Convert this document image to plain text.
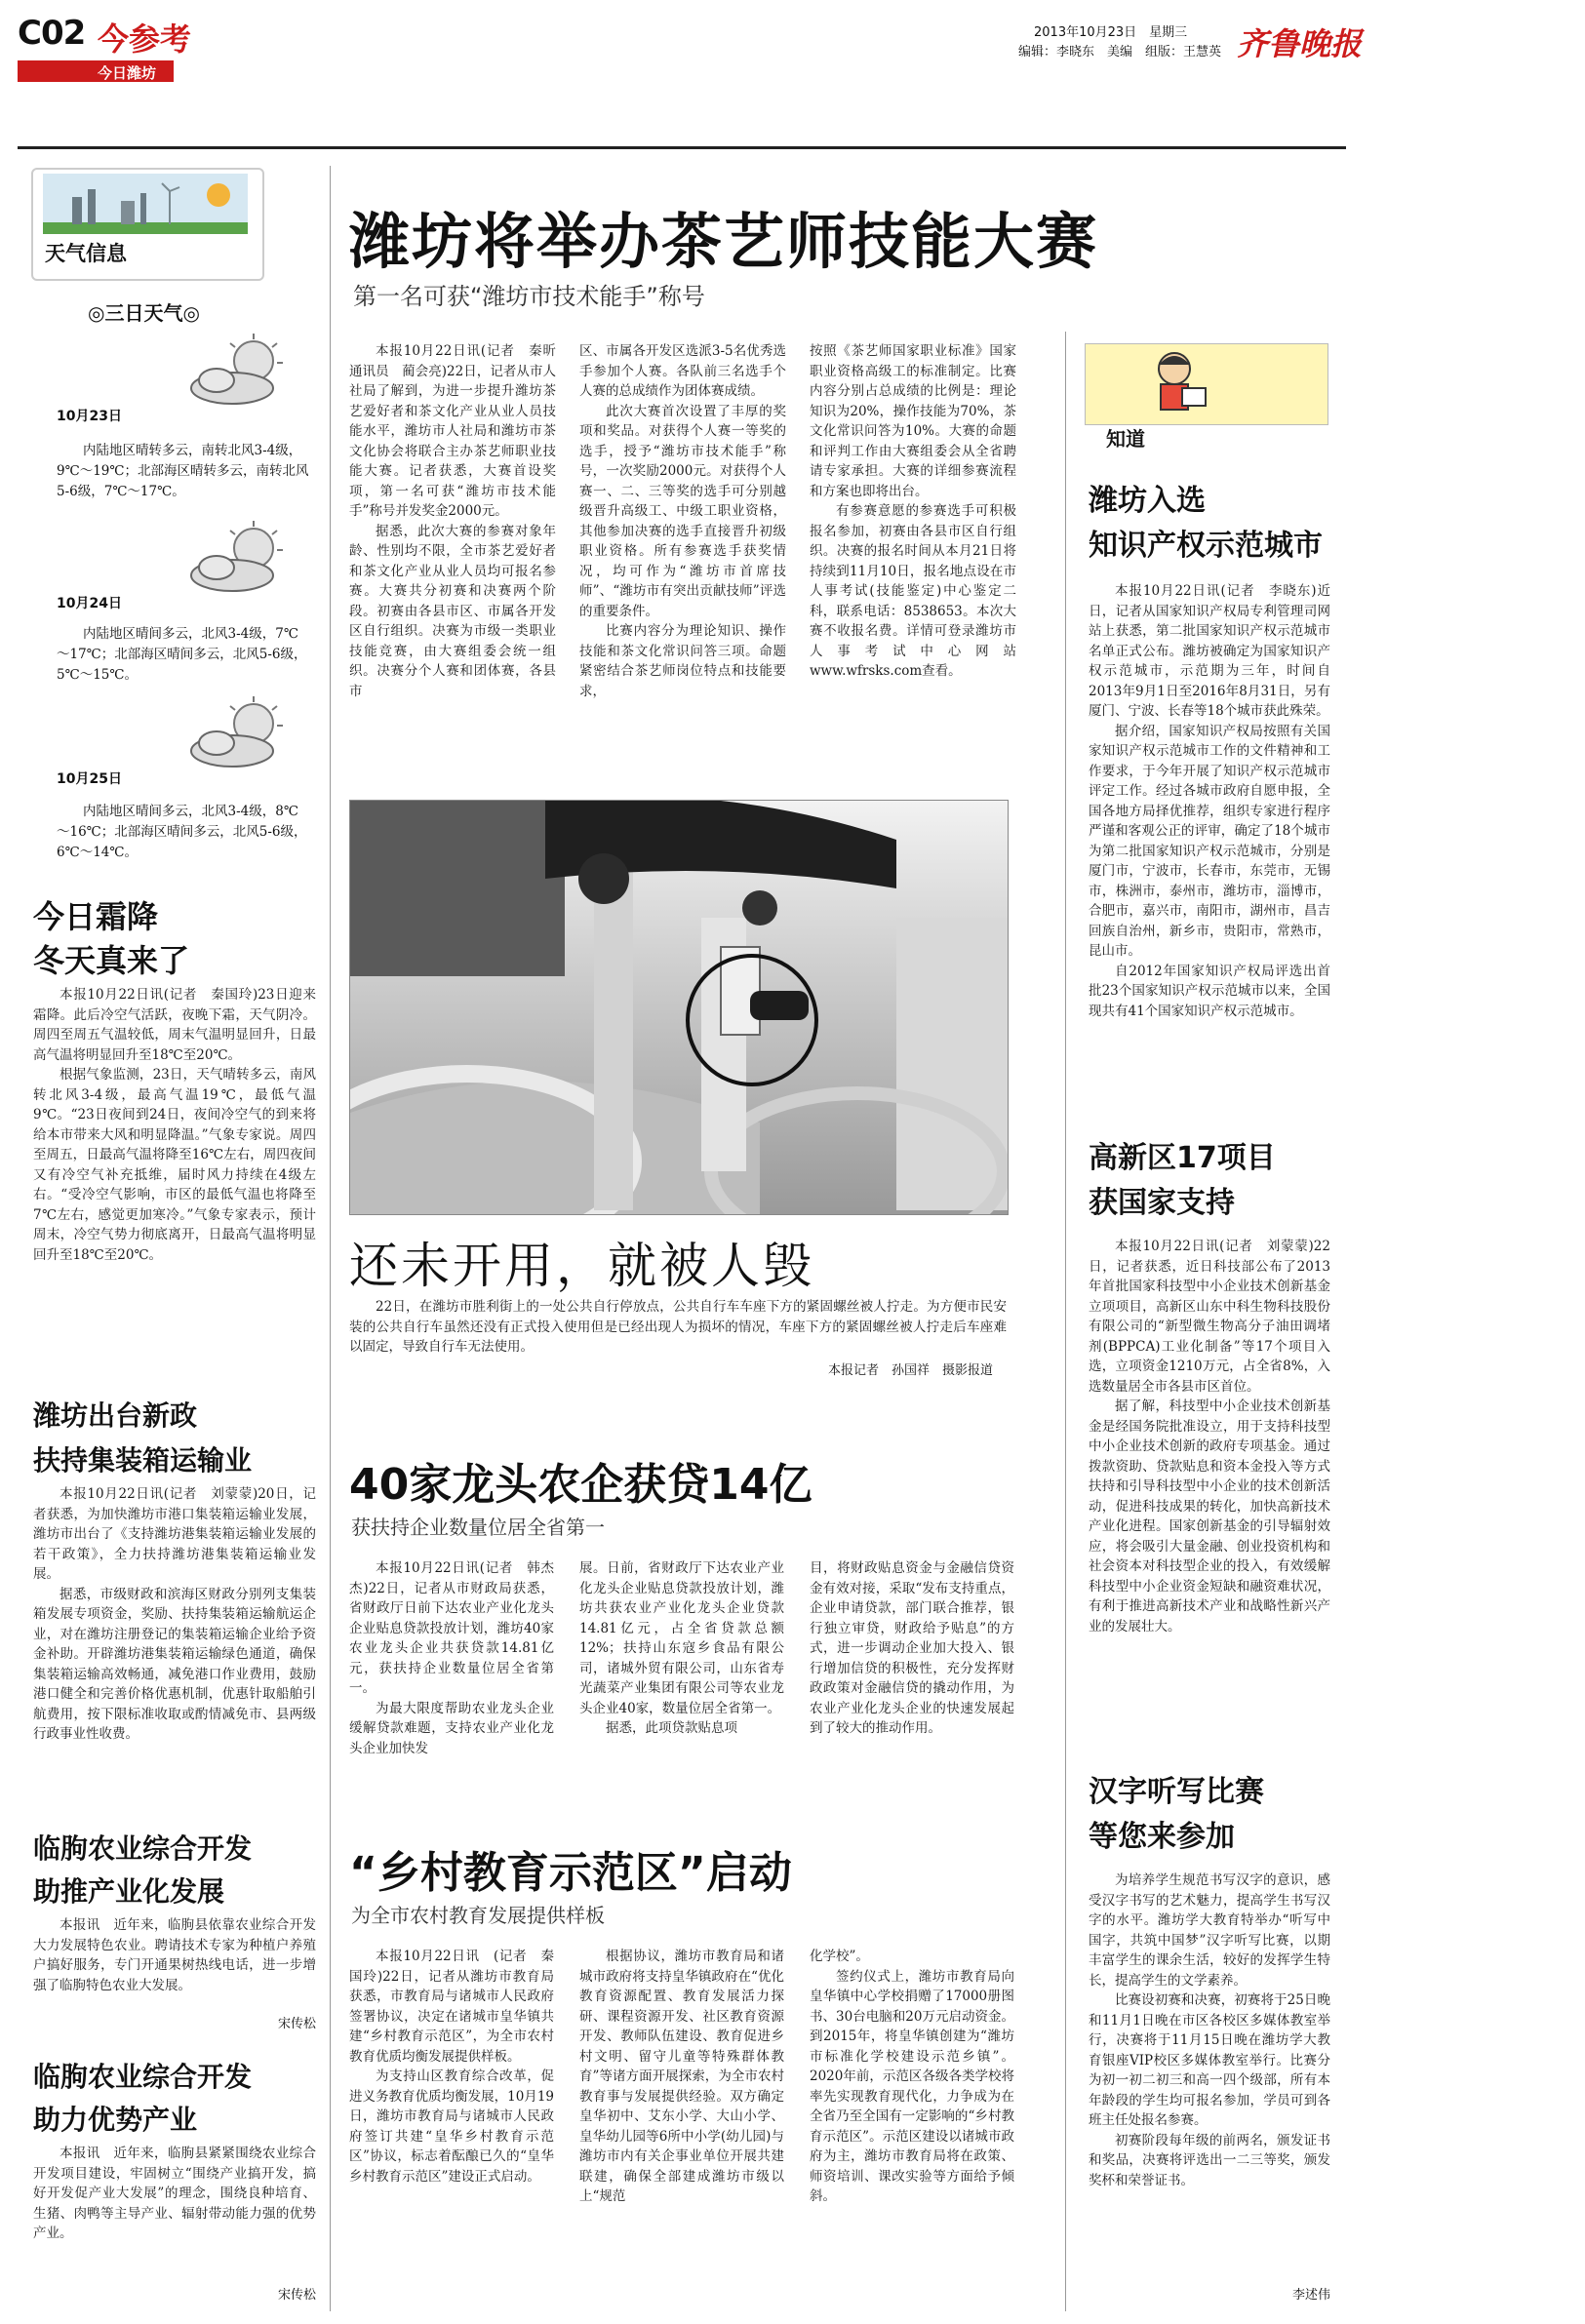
C02 今参考
今日潍坊
2013年10月23日　星期三
编辑：李晓东　美编　组版：王慧英 齐鲁晚报
天气信息
◎三日天气◎
10月23日
内陆地区晴转多云，南转北风3-4级，9℃～19℃；北部海区晴转多云，南转北风5-6级，7℃～17℃。
10月24日
内陆地区晴间多云，北风3-4级，7℃～17℃；北部海区晴间多云，北风5-6级，5℃～15℃。
10月25日
内陆地区晴间多云，北风3-4级，8℃～16℃；北部海区晴间多云，北风5-6级，6℃～14℃。
今日霜降
冬天真来了

本报10月22日讯(记者　秦国玲)23日迎来霜降。此后冷空气活跃，夜晚下霜，天气阴冷。周四至周五气温较低，周末气温明显回升，日最高气温将明显回升至18℃至20℃。

根据气象监测，23日，天气晴转多云，南风转北风3-4级，最高气温19℃，最低气温9℃。“23日夜间到24日，夜间冷空气的到来将给本市带来大风和明显降温。”气象专家说。周四至周五，日最高气温将降至16℃左右，周四夜间又有冷空气补充抵维，届时风力持续在4级左右。“受冷空气影响，市区的最低气温也将降至7℃左右，感觉更加寒冷。”气象专家表示，预计周末，冷空气势力彻底离开，日最高气温将明显回升至18℃至20℃。

潍坊出台新政
扶持集装箱运输业

本报10月22日讯(记者　刘蒙蒙)20日，记者获悉，为加快潍坊市港口集装箱运输业发展，潍坊市出台了《支持潍坊港集装箱运输业发展的若干政策》，全力扶持潍坊港集装箱运输业发展。

据悉，市级财政和滨海区财政分别列支集装箱发展专项资金，奖励、扶持集装箱运输航运企业，对在潍坊注册登记的集装箱运输企业给予资金补助。开辟潍坊港集装箱运输绿色通道，确保集装箱运输高效畅通，减免港口作业费用，鼓励港口健全和完善价格优惠机制，优惠针取船舶引航费用，按下限标准收取或酌情减免市、县两级行政事业性收费。

临朐农业综合开发
助推产业化发展

本报讯　近年来，临朐县依靠农业综合开发大力发展特色农业。聘请技术专家为种植户养殖户搞好服务，专门开通果树热线电话，进一步增强了临朐特色农业大发展。

宋传松
临朐农业综合开发
助力优势产业

本报讯　近年来，临朐县紧紧围绕农业综合开发项目建设，牢固树立“围绕产业搞开发，搞好开发促产业大发展”的理念，围绕良种培育、生猪、肉鸭等主导产业、辐射带动能力强的优势产业。

宋传松
潍坊将举办茶艺师技能大赛
第一名可获“潍坊市技术能手”称号

本报10月22日讯(记者　秦昕　通讯员　蔺会亮)22日，记者从市人社局了解到，为进一步提升潍坊茶艺爱好者和茶文化产业从业人员技能水平，潍坊市人社局和潍坊市茶文化协会将联合主办茶艺师职业技能大赛。记者获悉，大赛首设奖项，第一名可获“潍坊市技术能手”称号并发奖金2000元。

据悉，此次大赛的参赛对象年龄、性别均不限，全市茶艺爱好者和茶文化产业从业人员均可报名参赛。大赛共分初赛和决赛两个阶段。初赛由各县市区、市属各开发区自行组织。决赛为市级一类职业技能竞赛，由大赛组委会统一组织。决赛分个人赛和团体赛，各县市

区、市属各开发区选派3-5名优秀选手参加个人赛。各队前三名选手个人赛的总成绩作为团体赛成绩。

此次大赛首次设置了丰厚的奖项和奖品。对获得个人赛一等奖的选手，授予“潍坊市技术能手”称号，一次奖励2000元。对获得个人赛一、二、三等奖的选手可分别越级晋升高级工、中级工职业资格，其他参加决赛的选手直接晋升初级职业资格。所有参赛选手获奖情况，均可作为“潍坊市首席技师”、“潍坊市有突出贡献技师”评选的重要条件。

比赛内容分为理论知识、操作技能和茶文化常识问答三项。命题紧密结合茶艺师岗位特点和技能要求，

按照《茶艺师国家职业标准》国家职业资格高级工的标准制定。比赛内容分别占总成绩的比例是：理论知识为20%，操作技能为70%，茶文化常识问答为10%。大赛的命题和评判工作由大赛组委会从全省聘请专家承担。大赛的详细参赛流程和方案也即将出台。

有参赛意愿的参赛选手可积极报名参加，初赛由各县市区自行组织。决赛的报名时间从本月21日将持续到11月10日，报名地点设在市人事考试(技能鉴定)中心鉴定二科，联系电话：8538653。本次大赛不收报名费。详情可登录潍坊市人事考试中心网站www.wfrsks.com查看。

还未开用，就被人毁
22日，在潍坊市胜利街上的一处公共自行停放点，公共自行车车座下方的紧固螺丝被人拧走。为方便市民安装的公共自行车虽然还没有正式投入使用但是已经出现人为损坏的情况，车座下方的紧固螺丝被人拧走后车座难以固定，导致自行车无法使用。
本报记者　孙国祥　摄影报道
40家龙头农企获贷14亿
获扶持企业数量位居全省第一

本报10月22日讯(记者　韩杰杰)22日，记者从市财政局获悉，省财政厅日前下达农业产业化龙头企业贴息贷款投放计划，潍坊40家农业龙头企业共获贷款14.81亿元，获扶持企业数量位居全省第一。

为最大限度帮助农业龙头企业缓解贷款难题，支持农业产业化龙头企业加快发

展。日前，省财政厅下达农业产业化龙头企业贴息贷款投放计划，潍坊共获农业产业化龙头企业贷款14.81亿元，占全省贷款总额12%；扶持山东寇乡食品有限公司，诸城外贸有限公司，山东省寿光蔬菜产业集团有限公司等农业龙头企业40家，数量位居全省第一。

据悉，此项贷款贴息项

目，将财政贴息资金与金融信贷资金有效对接，采取“发布支持重点，企业申请贷款，部门联合推荐，银行独立审贷，财政给予贴息”的方式，进一步调动企业加大投入、银行增加信贷的积极性，充分发挥财政政策对金融信贷的撬动作用，为农业产业化龙头企业的快速发展起到了较大的推动作用。

“乡村教育示范区”启动
为全市农村教育发展提供样板

本报10月22日讯　(记者　秦国玲)22日，记者从潍坊市教育局获悉，市教育局与诸城市人民政府签署协议，决定在诸城市皇华镇共建“乡村教育示范区”，为全市农村教育优质均衡发展提供样板。

为支持山区教育综合改革，促进义务教育优质均衡发展，10月19日，潍坊市教育局与诸城市人民政府签订共建“皇华乡村教育示范区”协议，标志着酝酿已久的“皇华乡村教育示范区”建设正式启动。

根据协议，潍坊市教育局和诸城市政府将支持皇华镇政府在“优化教育资源配置、教育发展活力探研、课程资源开发、社区教育资源开发、教师队伍建设、教育促进乡村文明、留守儿童等特殊群体教育”等诸方面开展探索，为全市农村教育事与发展提供经验。双方确定皇华初中、艾东小学、大山小学、皇华幼儿园等6所中小学(幼儿园)与潍坊市内有关企事业单位开展共建联建，确保全部建成潍坊市级以上“规范

化学校”。

签约仪式上，潍坊市教育局向皇华镇中心学校捐赠了17000册图书、30台电脑和20万元启动资金。到2015年，将皇华镇创建为“潍坊市标准化学校建设示范乡镇”。2020年前，示范区各级各类学校将率先实现教育现代化，力争成为在全省乃至全国有一定影响的“乡村教育示范区”。示范区建设以诸城市政府为主，潍坊市教育局将在政策、师资培训、课改实验等方面给予倾斜。

知道
潍坊入选
知识产权示范城市

本报10月22日讯(记者　李晓东)近日，记者从国家知识产权局专利管理司网站上获悉，第二批国家知识产权示范城市名单正式公布。潍坊被确定为国家知识产权示范城市，示范期为三年，时间自2013年9月1日至2016年8月31日，另有厦门、宁波、长春等18个城市获此殊荣。

据介绍，国家知识产权局按照有关国家知识产权示范城市工作的文件精神和工作要求，于今年开展了知识产权示范城市评定工作。经过各城市政府自愿申报，全国各地方局择优推荐，组织专家进行程序严谨和客观公正的评审，确定了18个城市为第二批国家知识产权示范城市，分别是厦门市，宁波市，长春市，东莞市，无锡市，株洲市，泰州市，潍坊市，淄博市，合肥市，嘉兴市，南阳市，湖州市，昌吉回族自治州，新乡市，贵阳市，常熟市，昆山市。

自2012年国家知识产权局评选出首批23个国家知识产权示范城市以来，全国现共有41个国家知识产权示范城市。

高新区17项目
获国家支持

本报10月22日讯(记者　刘蒙蒙)22日，记者获悉，近日科技部公布了2013年首批国家科技型中小企业技术创新基金立项项目，高新区山东中科生物科技股份有限公司的“新型微生物高分子油田调堵剂(BPPCA)工业化制备”等17个项目入选，立项资金1210万元，占全省8%，入选数量居全市各县市区首位。

据了解，科技型中小企业技术创新基金是经国务院批准设立，用于支持科技型中小企业技术创新的政府专项基金。通过拨款资助、贷款贴息和资本金投入等方式扶持和引导科技型中小企业的技术创新活动，促进科技成果的转化，加快高新技术产业化进程。国家创新基金的引导辐射效应，将会吸引大量金融、创业投资机构和社会资本对科技型企业的投入，有效缓解科技型中小企业资金短缺和融资难状况，有利于推进高新技术产业和战略性新兴产业的发展壮大。

汉字听写比赛
等您来参加

为培养学生规范书写汉字的意识，感受汉字书写的艺术魅力，提高学生书写汉字的水平。潍坊学大教育特举办“听写中国字，共筑中国梦”汉字听写比赛，以期丰富学生的课余生活，较好的发挥学生特长，提高学生的文学素养。

比赛设初赛和决赛，初赛将于25日晚和11月1日晚在市区各校区多媒体教室举行，决赛将于11月15日晚在潍坊学大教育银座VIP校区多媒体教室举行。比赛分为初一初二初三和高一四个级部，所有本年龄段的学生均可报名参加，学员可到各班主任处报名参赛。

初赛阶段每年级的前两名，颁发证书和奖品，决赛将评选出一二三等奖，颁发奖杯和荣誉证书。

李述伟
